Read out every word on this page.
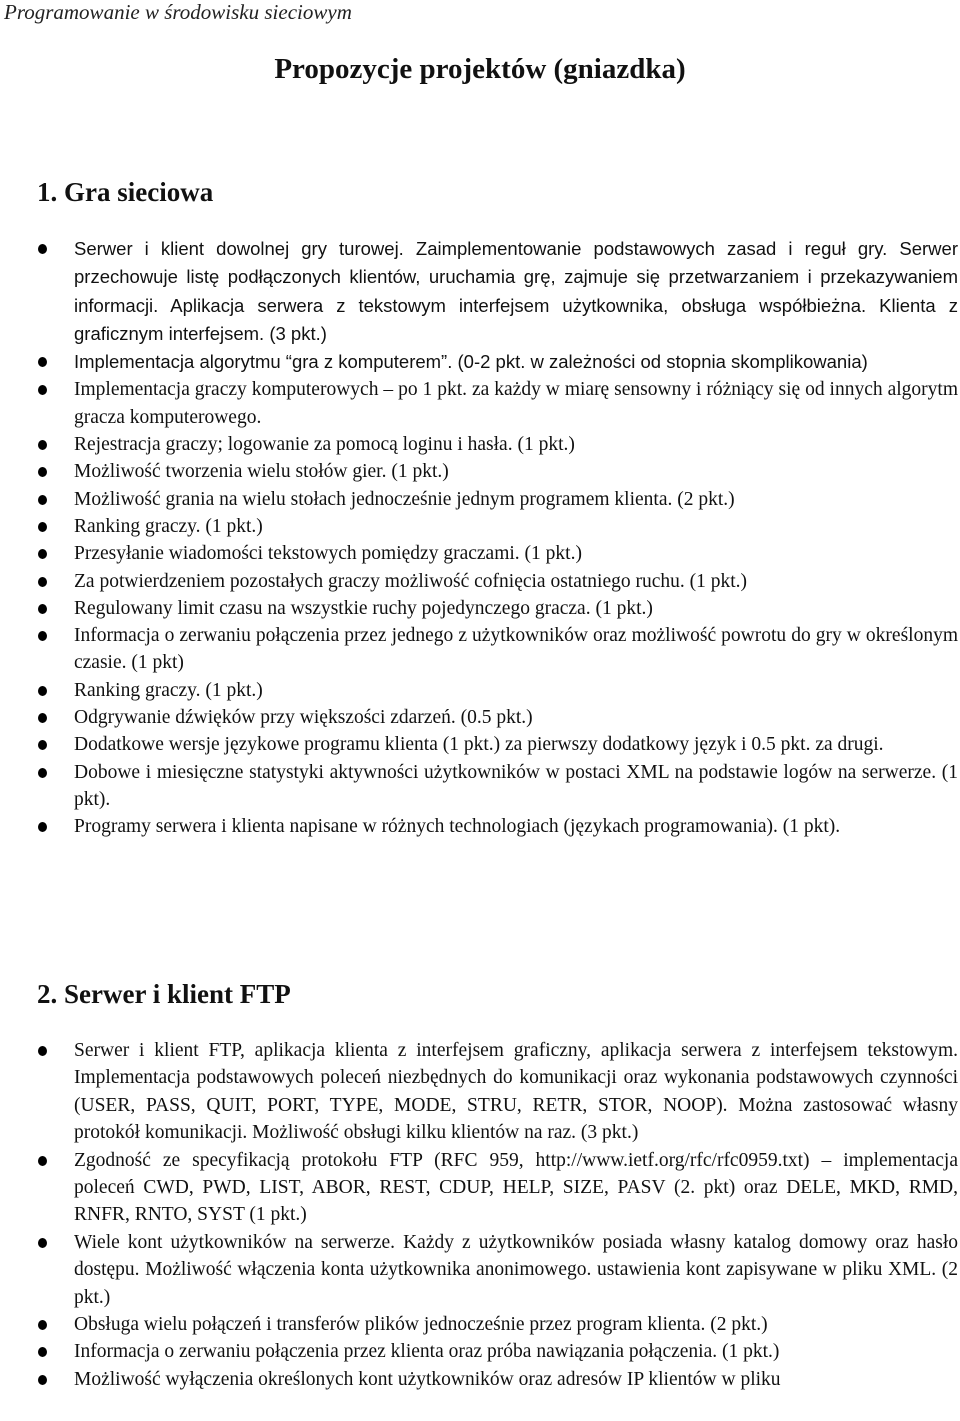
Programowanie w środowisku sieciowym
Propozycje projektów (gniazdka)
1. Gra sieciowa
Serwer i klient dowolnej gry turowej. Zaimplementowanie podstawowych zasad i reguł gry. Serwer przechowuje listę podłączonych klientów, uruchamia grę, zajmuje się przetwarzaniem i przekazywaniem informacji. Aplikacja serwera z tekstowym interfejsem użytkownika, obsługa współbieżna. Klienta z graficznym interfejsem. (3 pkt.)
Implementacja algorytmu “gra z komputerem”. (0-2 pkt. w zależności od stopnia skomplikowania)
Implementacja graczy komputerowych – po 1 pkt. za każdy w miarę sensowny i różniący się od innych algorytm gracza komputerowego.
Rejestracja graczy; logowanie za pomocą loginu i hasła. (1 pkt.)
Możliwość tworzenia wielu stołów gier. (1 pkt.)
Możliwość grania na wielu stołach jednocześnie jednym programem klienta. (2 pkt.)
Ranking graczy. (1 pkt.)
Przesyłanie wiadomości tekstowych pomiędzy graczami. (1 pkt.)
Za potwierdzeniem pozostałych graczy możliwość cofnięcia ostatniego ruchu. (1 pkt.)
Regulowany limit czasu na wszystkie ruchy pojedynczego gracza. (1 pkt.)
Informacja o zerwaniu połączenia przez jednego z użytkowników oraz możliwość powrotu do gry w określonym czasie. (1 pkt)
Ranking graczy. (1 pkt.)
Odgrywanie dźwięków przy większości zdarzeń. (0.5 pkt.)
Dodatkowe wersje językowe programu klienta (1 pkt.) za pierwszy dodatkowy język i 0.5 pkt. za drugi.
Dobowe i miesięczne statystyki aktywności użytkowników w postaci XML na podstawie logów na serwerze. (1 pkt).
Programy serwera i klienta napisane w różnych technologiach (językach programowania). (1 pkt).
2. Serwer i klient FTP
Serwer i klient FTP, aplikacja klienta z interfejsem graficzny, aplikacja serwera z interfejsem tekstowym. Implementacja podstawowych poleceń niezbędnych do komunikacji oraz wykonania podstawowych czynności (USER, PASS, QUIT, PORT, TYPE, MODE, STRU, RETR, STOR, NOOP). Można zastosować własny protokół komunikacji. Możliwość obsługi kilku klientów na raz. (3 pkt.)
Zgodność ze specyfikacją protokołu FTP (RFC 959, http://www.ietf.org/rfc/rfc0959.txt) – implementacja poleceń CWD, PWD, LIST, ABOR, REST, CDUP, HELP, SIZE, PASV (2. pkt) oraz DELE, MKD, RMD, RNFR, RNTO, SYST (1 pkt.)
Wiele kont użytkowników na serwerze. Każdy z użytkowników posiada własny katalog domowy oraz hasło dostępu. Możliwość włączenia konta użytkownika anonimowego. ustawienia kont zapisywane w pliku XML. (2 pkt.)
Obsługa wielu połączeń i transferów plików jednocześnie przez program klienta. (2 pkt.)
Informacja o zerwaniu połączenia przez klienta oraz próba nawiązania połączenia. (1 pkt.)
Możliwość wyłączenia określonych kont użytkowników oraz adresów IP klientów w pliku
